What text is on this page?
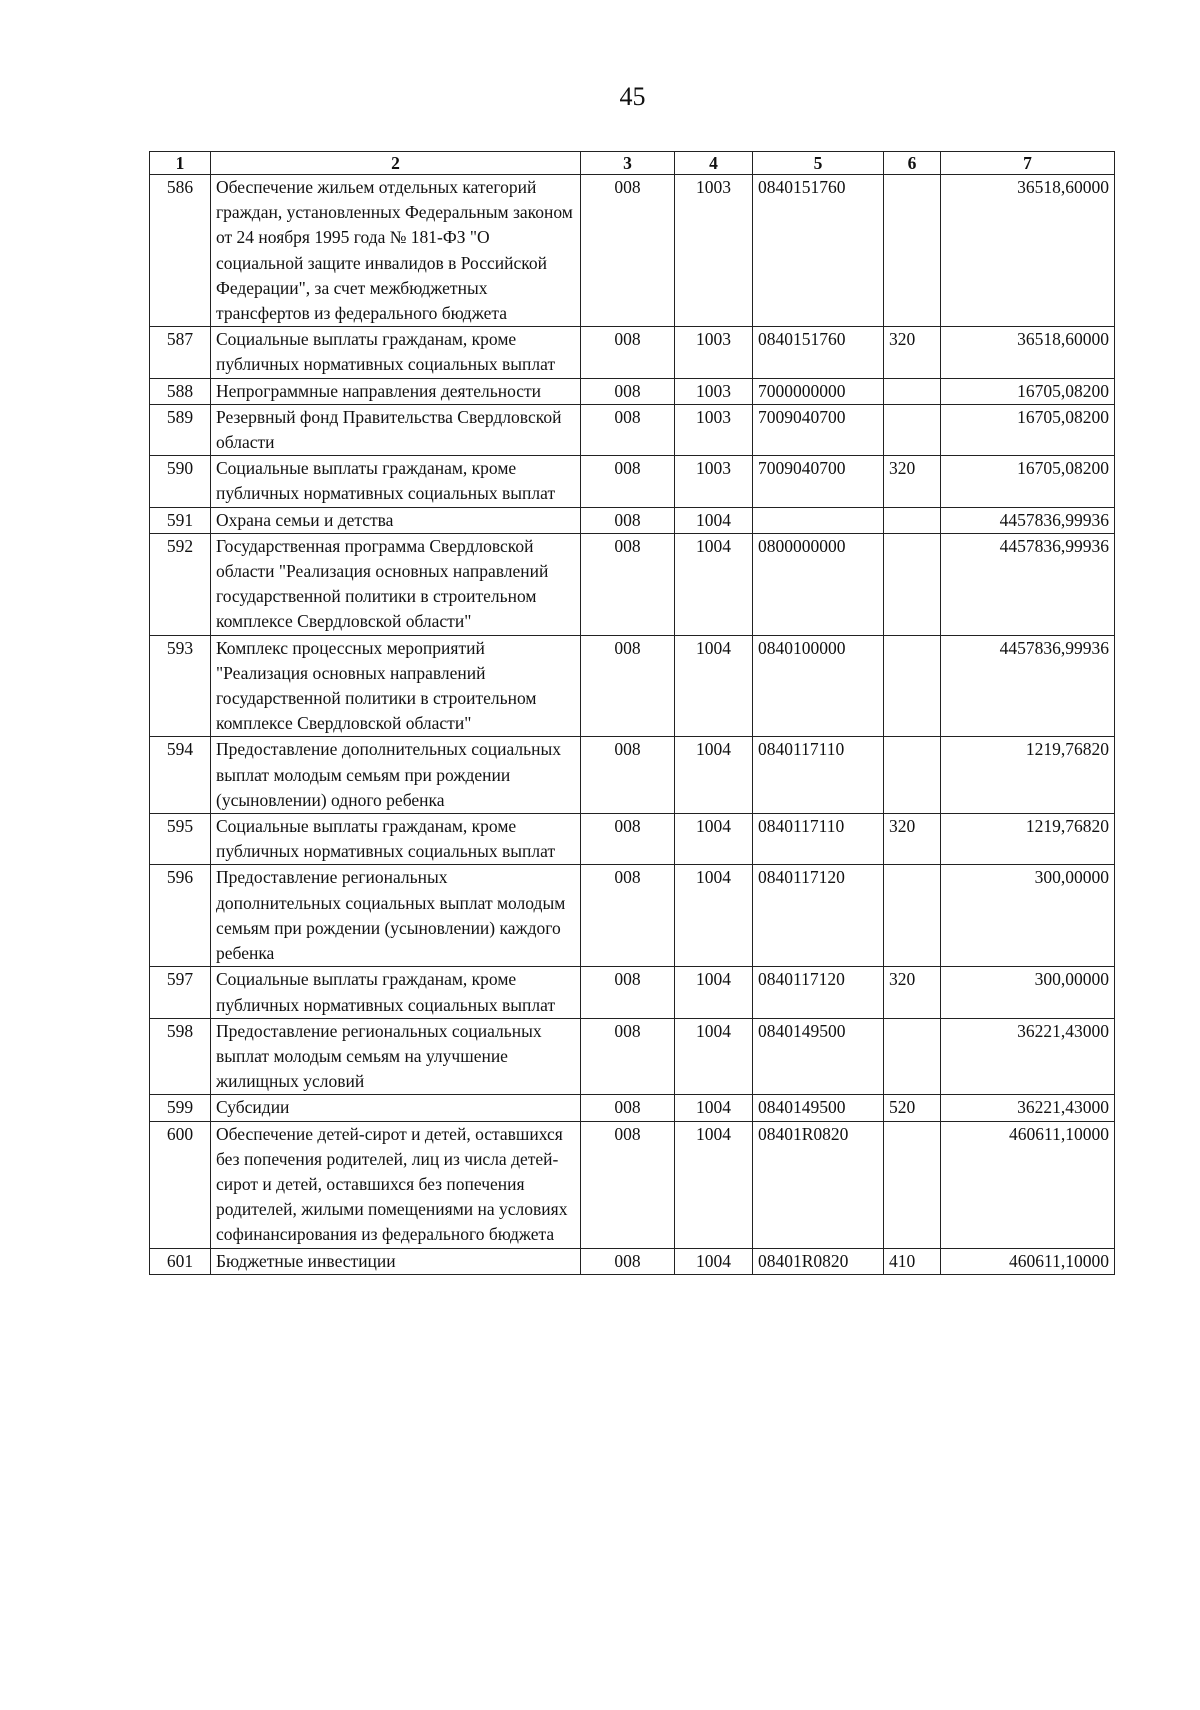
45
1	2	3	4	5	6	7
586	Обеспечение жильем отдельных категорий граждан, установленных Федеральным законом от 24 ноября 1995 года № 181-ФЗ "О социальной защите инвалидов в Российской Федерации", за счет межбюджетных трансфертов из федерального бюджета	008	1003	0840151760		36518,60000
587	Социальные выплаты гражданам, кроме публичных нормативных социальных выплат	008	1003	0840151760	320	36518,60000
588	Непрограммные направления деятельности	008	1003	7000000000		16705,08200
589	Резервный фонд Правительства Свердловской области	008	1003	7009040700		16705,08200
590	Социальные выплаты гражданам, кроме публичных нормативных социальных выплат	008	1003	7009040700	320	16705,08200
591	Охрана семьи и детства	008	1004			4457836,99936
592	Государственная программа Свердловской области "Реализация основных направлений государственной политики в строительном комплексе Свердловской области"	008	1004	0800000000		4457836,99936
593	Комплекс процессных мероприятий "Реализация основных направлений государственной политики в строительном комплексе Свердловской области"	008	1004	0840100000		4457836,99936
594	Предоставление дополнительных социальных выплат молодым семьям при рождении (усыновлении) одного ребенка	008	1004	0840117110		1219,76820
595	Социальные выплаты гражданам, кроме публичных нормативных социальных выплат	008	1004	0840117110	320	1219,76820
596	Предоставление региональных дополнительных социальных выплат молодым семьям при рождении (усыновлении) каждого ребенка	008	1004	0840117120		300,00000
597	Социальные выплаты гражданам, кроме публичных нормативных социальных выплат	008	1004	0840117120	320	300,00000
598	Предоставление региональных социальных выплат молодым семьям на улучшение жилищных условий	008	1004	0840149500		36221,43000
599	Субсидии	008	1004	0840149500	520	36221,43000
600	Обеспечение детей-сирот и детей, оставшихся без попечения родителей, лиц из числа детей-сирот и детей, оставшихся без попечения родителей, жилыми помещениями на условиях софинансирования из федерального бюджета	008	1004	08401R0820		460611,10000
601	Бюджетные инвестиции	008	1004	08401R0820	410	460611,10000
